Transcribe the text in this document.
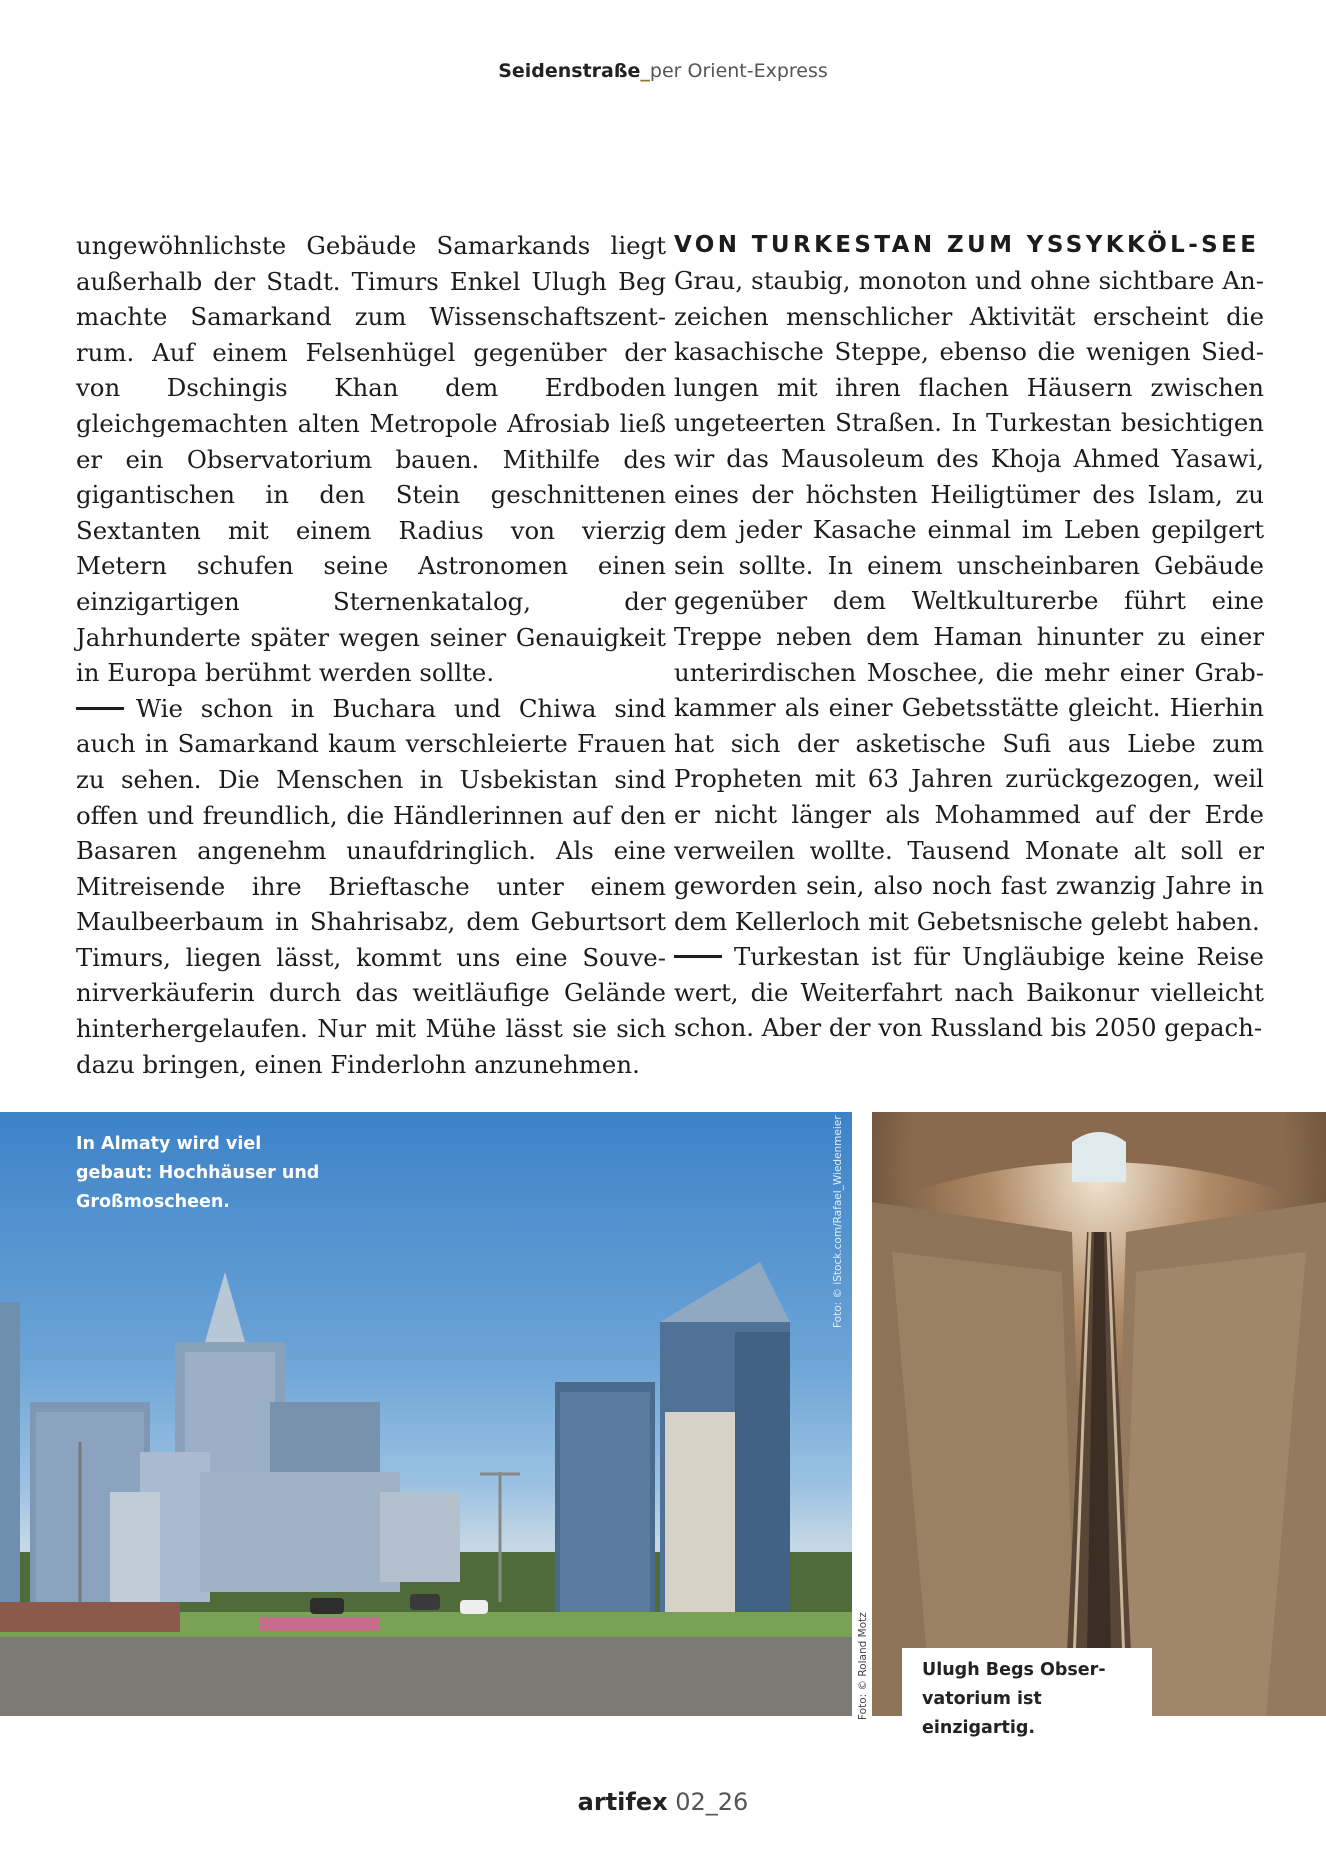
Seidenstraße_per Orient-Express

ungewöhnlichste Gebäude Samarkands liegt außerhalb der Stadt. Timurs Enkel Ulugh Beg machte Samarkand zum Wissenschaftszentrum. Auf einem Felsenhügel gegenüber der von Dschingis Khan dem Erdboden gleichgemachten alten Metropole Afrosiab ließ er ein Observatorium bauen. Mithilfe des gigantischen in den Stein geschnittenen Sextanten mit einem Radius von vierzig Metern schufen seine Astronomen einen einzigartigen Sternenkatalog, der Jahrhunderte später wegen seiner Genauigkeit in Europa berühmt werden sollte.

Wie schon in Buchara und Chiwa sind auch in Samarkand kaum verschleierte Frauen zu sehen. Die Menschen in Usbekistan sind offen und freundlich, die Händlerinnen auf den Basaren angenehm unaufdringlich. Als eine Mitreisende ihre Brieftasche unter einem Maulbeerbaum in Shahrisabz, dem Geburtsort Timurs, liegen lässt, kommt uns eine Souvenirverkäuferin durch das weitläufige Gelände hinterhergelaufen. Nur mit Mühe lässt sie sich dazu bringen, einen Finderlohn anzunehmen.

VON TURKESTAN ZUM YSSYKKÖL-SEE

Grau, staubig, monoton und ohne sichtbare Anzeichen menschlicher Aktivität erscheint die kasachische Steppe, ebenso die wenigen Siedlungen mit ihren flachen Häusern zwischen ungeteerten Straßen. In Turkestan besichtigen wir das Mausoleum des Khoja Ahmed Yasawi, eines der höchsten Heiligtümer des Islam, zu dem jeder Kasache einmal im Leben gepilgert sein sollte. In einem unscheinbaren Gebäude gegenüber dem Weltkulturerbe führt eine Treppe neben dem Haman hinunter zu einer unterirdischen Moschee, die mehr einer Grabkammer als einer Gebetsstätte gleicht. Hierhin hat sich der asketische Sufi aus Liebe zum Propheten mit 63 Jahren zurückgezogen, weil er nicht länger als Mohammed auf der Erde verweilen wollte. Tausend Monate alt soll er geworden sein, also noch fast zwanzig Jahre in dem Kellerloch mit Gebetsnische gelebt haben.

Turkestan ist für Ungläubige keine Reise wert, die Weiterfahrt nach Baikonur vielleicht schon. Aber der von Russland bis 2050 gepach-

In Almaty wird viel gebaut: Hochhäuser und Großmoscheen.	Foto: © iStock.com/Rafael_Wiedenmeier
Ulugh Begs Observatorium ist einzigartig.
Foto: © Roland Motz
artifex 02_26
